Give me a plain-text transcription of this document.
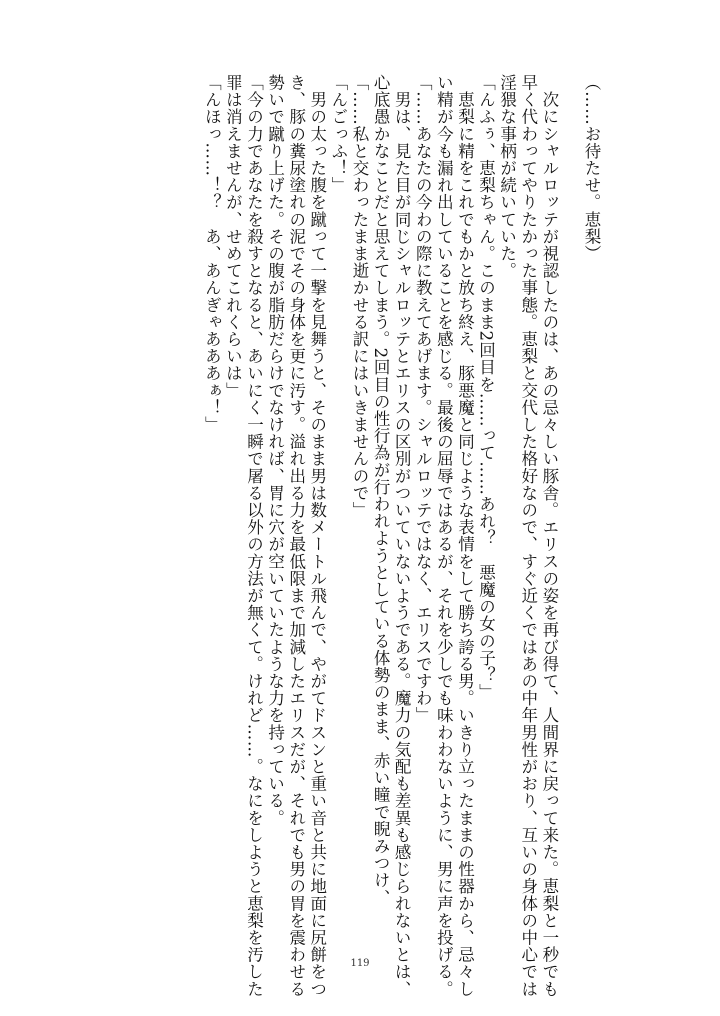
（……お待たせ。恵梨）
　次にシャルロッテが視認したのは、あの忌々しい豚舎。エリスの姿を再び得て、人間界に戻って来た。恵梨と一秒でも
早く代わってやりたかった事態。恵梨と交代した格好なので、すぐ近くではあの中年男性がおり、互いの身体の中心では
淫猥な事柄が続いていた。
「んふぅ、恵梨ちゃん。このまま2回目を……って……あれ？　悪魔の女の子？」
　恵梨に精をこれでもかと放ち終え、豚悪魔と同じような表情をして勝ち誇る男。いきり立ったままの性器から、忌々し
い精が今も漏れ出していることを感じる。最後の屈辱ではあるが、それを少しでも味わわないように、男に声を投げる。
「……あなたの今わの際に教えてあげます。シャルロッテではなく、エリスですわ」
　男は、見た目が同じシャルロッテとエリスの区別がついていないようである。魔力の気配も差異も感じられないとは、
心底愚かなことだと思えてしまう。2回目の性行為が行われようとしている体勢のまま、赤い瞳で睨みつけ、
「……私と交わったまま逝かせる訳にはいきませんので」
「んごっふ！」
　男の太った腹を蹴って一撃を見舞うと、そのまま男は数メートル飛んで、やがてドスンと重い音と共に地面に尻餅をつ
き、豚の糞尿塗れの泥でその身体を更に汚す。溢れ出る力を最低限まで加減したエリスだが、それでも男の胃を震わせる
勢いで蹴り上げた。その腹が脂肪だらけでなければ、胃に穴が空いていたような力を持っている。
「今の力であなたを殺すとなると、あいにく一瞬で屠る以外の方法が無くて。けれど……。なにをしようと恵梨を汚した
罪は消えませんが、せめてこれくらいは」
「んほっ……！？　あ、あんぎゃあああぁ！」
119
